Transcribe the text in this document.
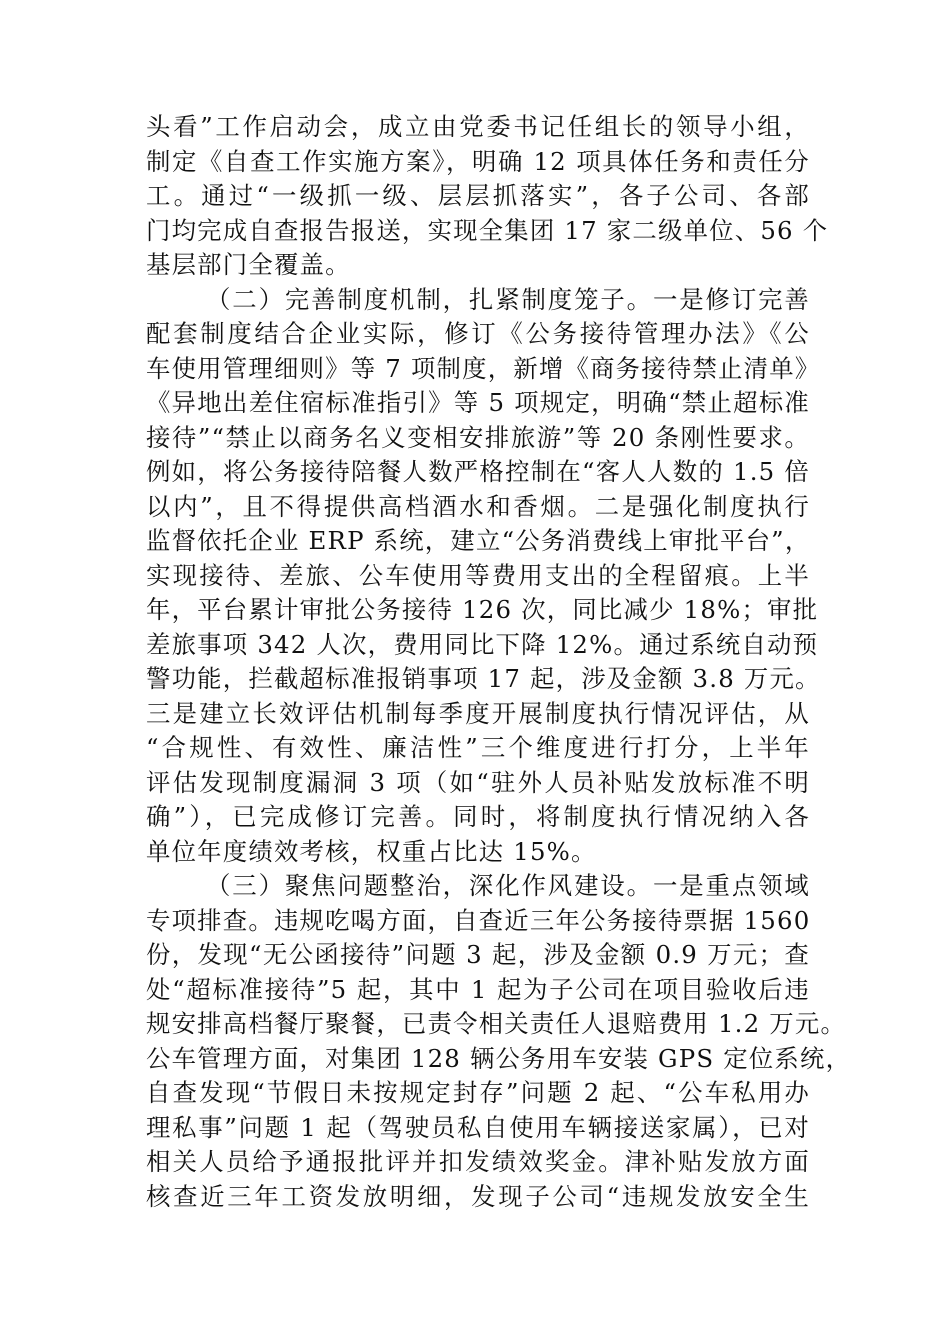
头看”工作启动会，成立由党委书记任组长的领导小组，
制定《自查工作实施方案》，明确 12 项具体任务和责任分
工。通过“一级抓一级、层层抓落实”，各子公司、各部
门均完成自查报告报送，实现全集团 17 家二级单位、56 个
基层部门全覆盖。
（二）完善制度机制，扎紧制度笼子。一是修订完善
配套制度结合企业实际，修订《公务接待管理办法》《公
车使用管理细则》等 7 项制度，新增《商务接待禁止清单》
《异地出差住宿标准指引》等 5 项规定，明确“禁止超标准
接待”“禁止以商务名义变相安排旅游”等 20 条刚性要求。
例如，将公务接待陪餐人数严格控制在“客人人数的 1.5 倍
以内”，且不得提供高档酒水和香烟。二是强化制度执行
监督依托企业 ERP 系统，建立“公务消费线上审批平台”，
实现接待、差旅、公车使用等费用支出的全程留痕。上半
年，平台累计审批公务接待 126 次，同比减少 18%；审批
差旅事项 342 人次，费用同比下降 12%。通过系统自动预
警功能，拦截超标准报销事项 17 起，涉及金额 3.8 万元。
三是建立长效评估机制每季度开展制度执行情况评估，从
“合规性、有效性、廉洁性”三个维度进行打分，上半年
评估发现制度漏洞 3 项（如“驻外人员补贴发放标准不明
确”），已完成修订完善。同时，将制度执行情况纳入各
单位年度绩效考核，权重占比达 15%。
（三）聚焦问题整治，深化作风建设。一是重点领域
专项排查。违规吃喝方面，自查近三年公务接待票据 1560
份，发现“无公函接待”问题 3 起，涉及金额 0.9 万元；查
处“超标准接待”5 起，其中 1 起为子公司在项目验收后违
规安排高档餐厅聚餐，已责令相关责任人退赔费用 1.2 万元。
公车管理方面，对集团 128 辆公务用车安装 GPS 定位系统，
自查发现“节假日未按规定封存”问题 2 起、“公车私用办
理私事”问题 1 起（驾驶员私自使用车辆接送家属），已对
相关人员给予通报批评并扣发绩效奖金。津补贴发放方面
核查近三年工资发放明细，发现子公司“违规发放安全生
